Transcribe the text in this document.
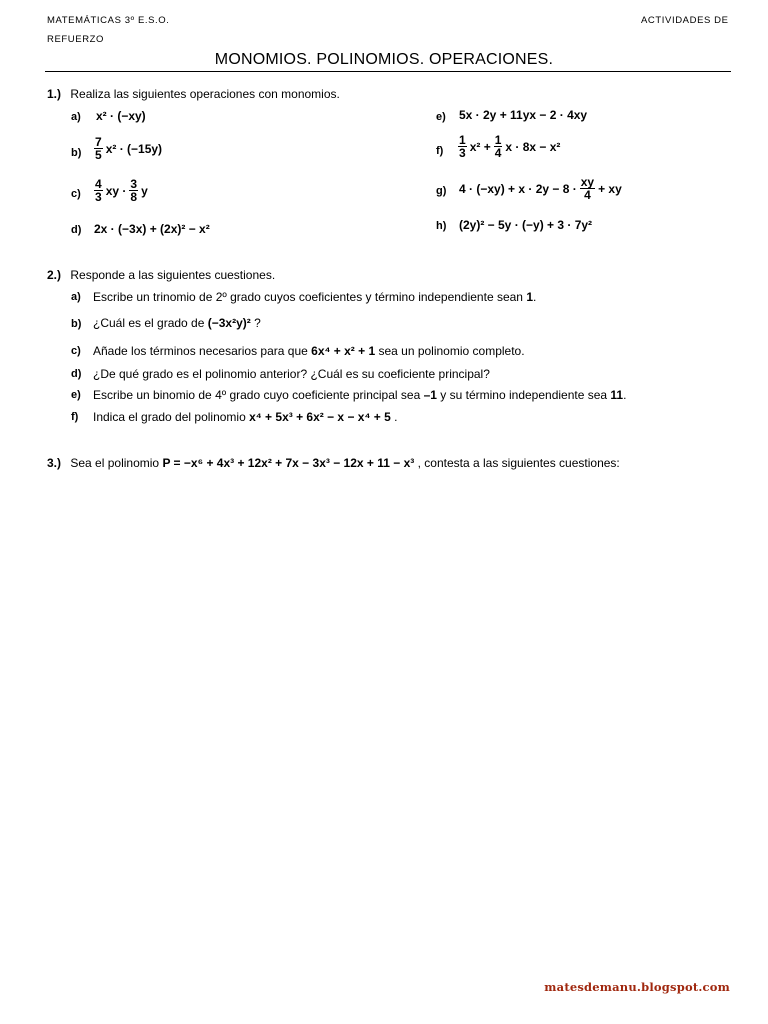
MATEMÁTICAS 3º E.S.O.
REFUERZO
ACTIVIDADES DE
MONOMIOS. POLINOMIOS. OPERACIONES.
1.) Realiza las siguientes operaciones con monomios.
a) x² · (−xy)
$b) \frac{7}{5} x^2 \cdot (-15y)$
$c) \frac{4}{3}$ xy · $\frac{3}{8}$ y
d) 2x · (−3x) + (2x)² − x²
e) 5x · 2y + 11yx − 2 · 4xy
$f) \frac{1}{3} x^2 + \frac{1}{4}$ x · 8x − x²
g) $4 \cdot (-xy) + x \cdot 2y - 8 \cdot \frac{xy}{4}$ + xy
h) (2y)² − 5y · (−y) + 3 · 7y²
2.) Responde a las siguientes cuestiones.
a) Escribe un trinomio de 2º grado cuyos coeficientes y término independiente sean 1.
b) ¿Cuál es el grado de (−3x²y)² ?
c) Añade los términos necesarios para que 6x⁴ + x² + 1 sea un polinomio completo.
d) ¿De qué grado es el polinomio anterior? ¿Cuál es su coeficiente principal?
e) Escribe un binomio de 4º grado cuyo coeficiente principal sea –1 y su término independiente sea 11.
f) Indica el grado del polinomio x⁴ + 5x³ + 6x² − x − x⁴ + 5 .
3.) Sea el polinomio P = −x⁶ + 4x³ + 12x² + 7x − 3x³ − 12x + 11 − x³ , contesta a las siguientes cuestiones:
matesdemanu.blogspot.com
